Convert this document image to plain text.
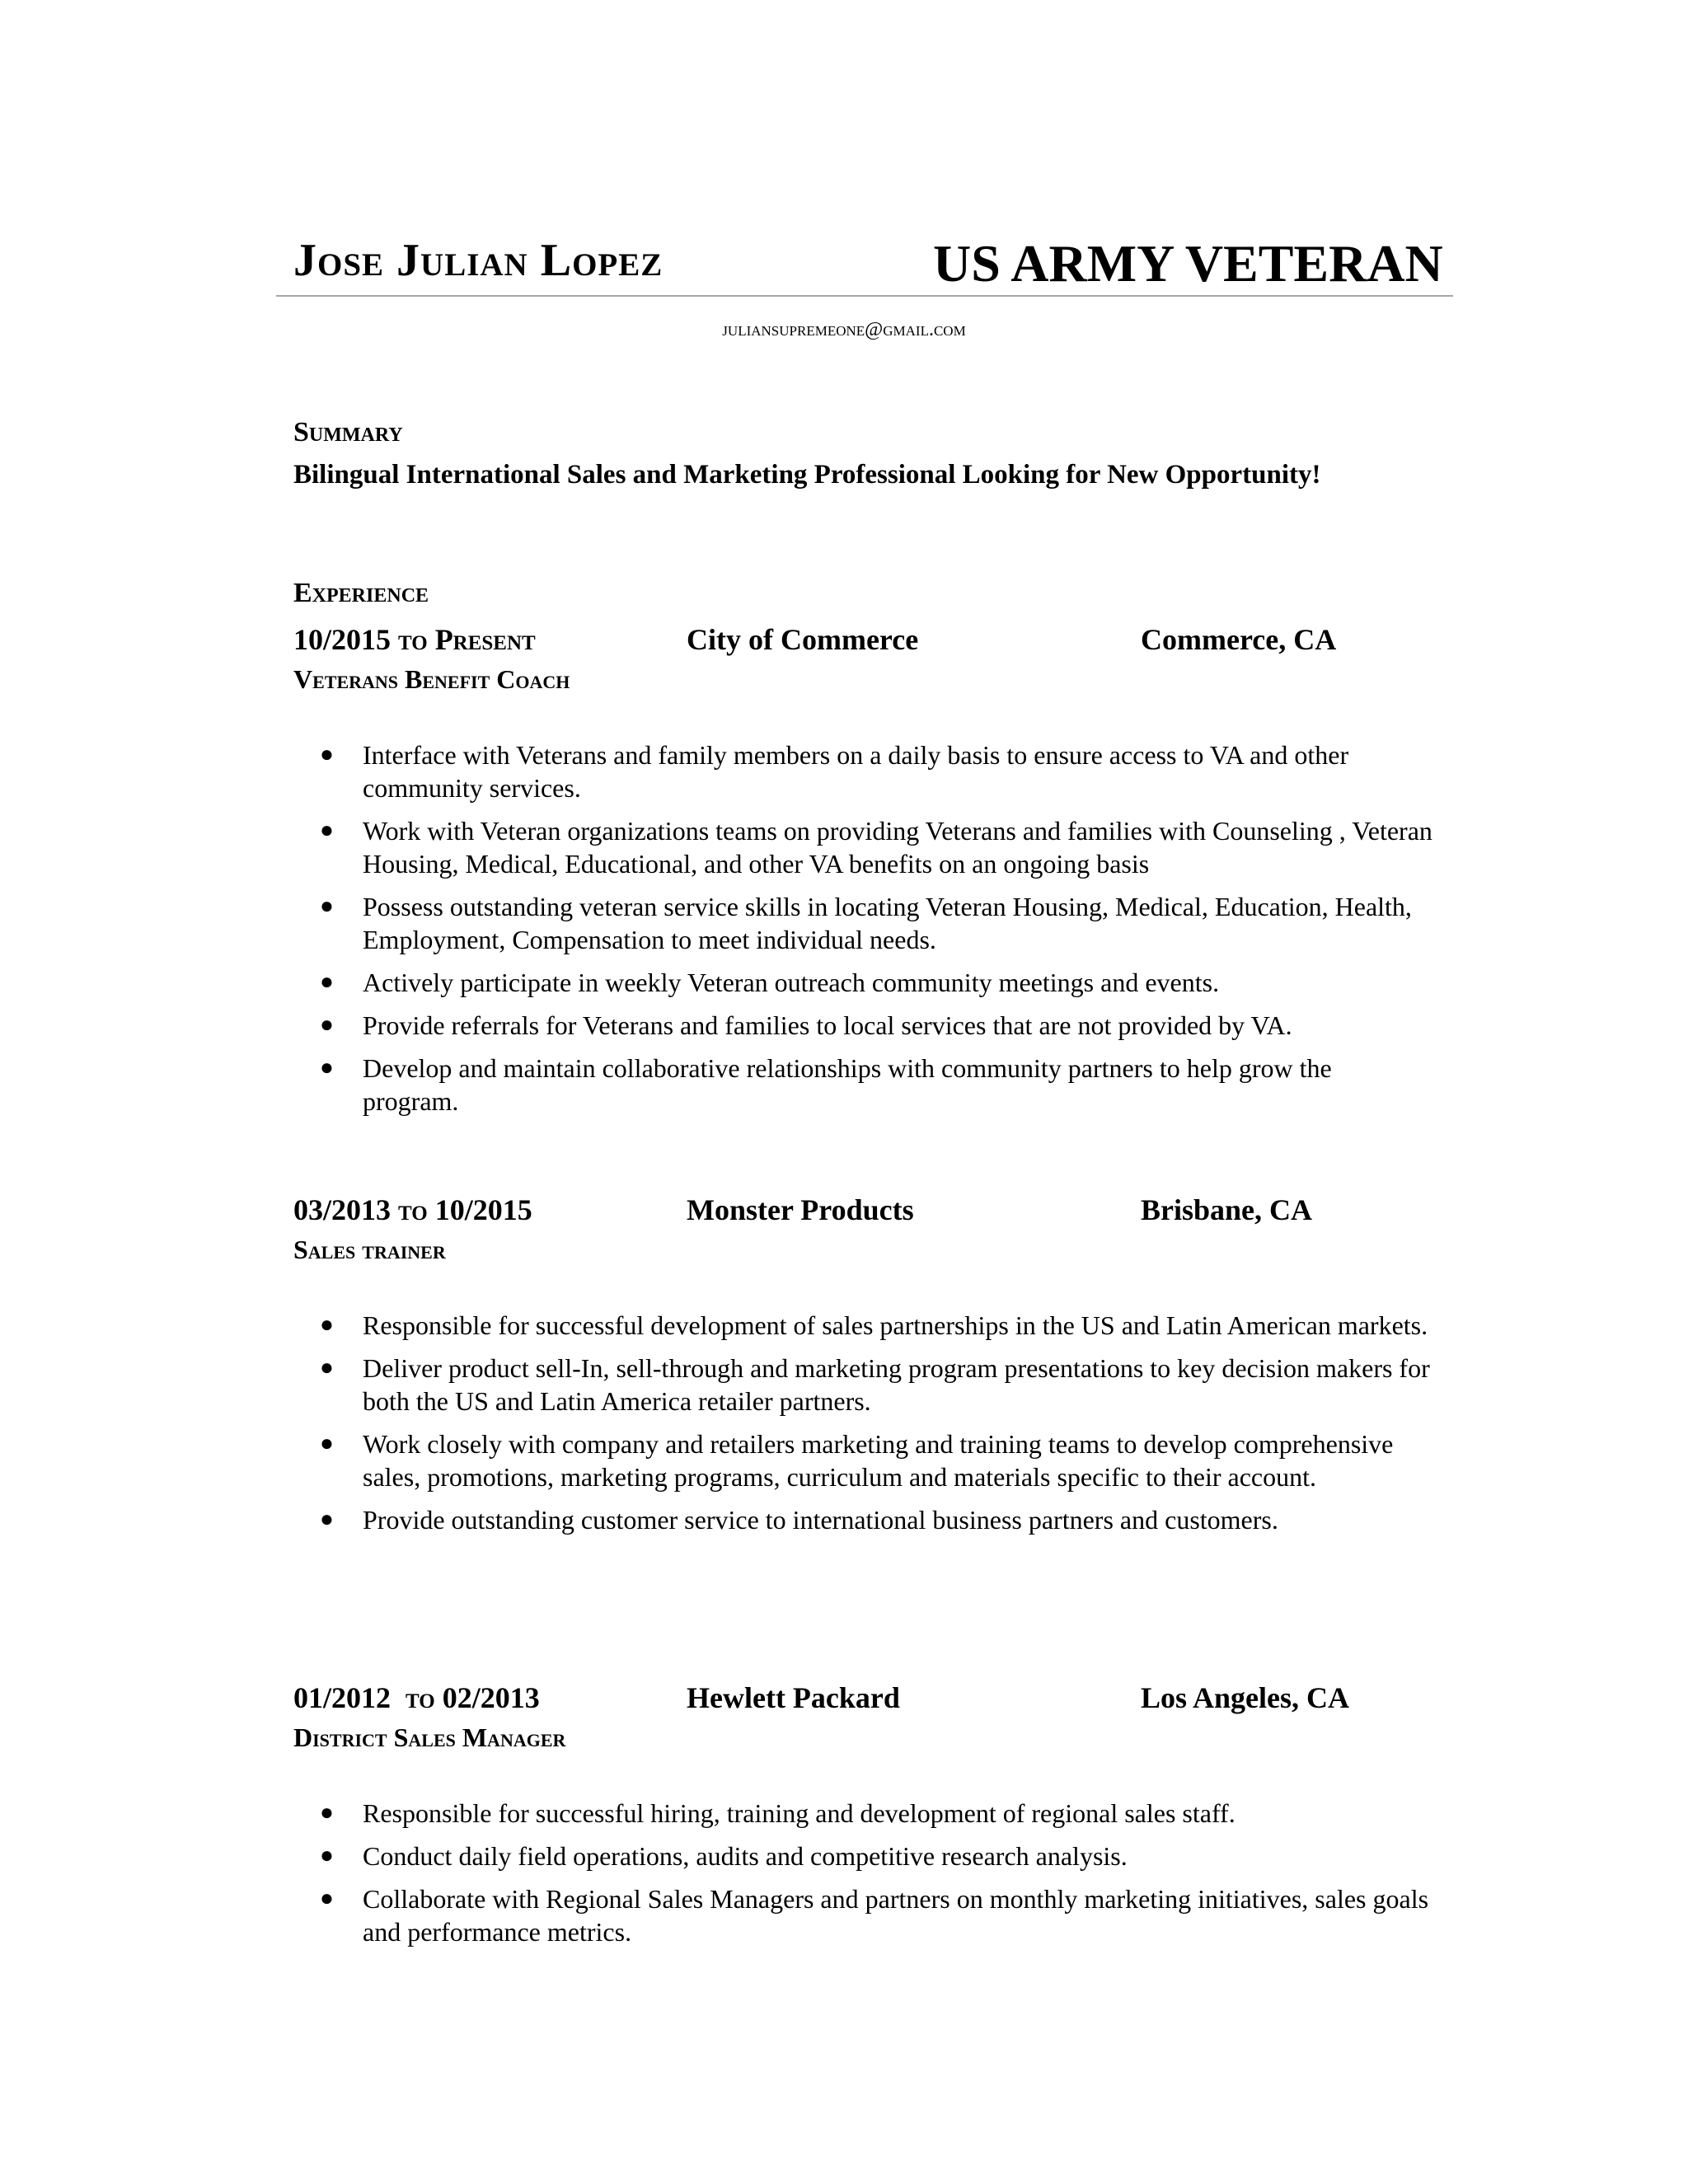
Jose Julian Lopez	US ARMY VETERAN
juliansupremeone@gmail.com
Summary
Bilingual International Sales and Marketing Professional Looking for New Opportunity!
Experience
10/2015 to Present	City of Commerce	Commerce, CA
Veterans Benefit Coach
● Interface with Veterans and family members on a daily basis to ensure access to VA and other community services.
● Work with Veteran organizations teams on providing Veterans and families with Counseling , Veteran Housing, Medical, Educational, and other VA benefits on an ongoing basis
● Possess outstanding veteran service skills in locating Veteran Housing, Medical, Education, Health, Employment, Compensation to meet individual needs.
● Actively participate in weekly Veteran outreach community meetings and events.
● Provide referrals for Veterans and families to local services that are not provided by VA.
● Develop and maintain collaborative relationships with community partners to help grow the program.
03/2013 to 10/2015	Monster Products	Brisbane, CA
Sales trainer
● Responsible for successful development of sales partnerships in the US and Latin American markets.
● Deliver product sell-In, sell-through and marketing program presentations to key decision makers for both the US and Latin America retailer partners.
● Work closely with company and retailers marketing and training teams to develop comprehensive sales, promotions, marketing programs, curriculum and materials specific to their account.
● Provide outstanding customer service to international business partners and customers.
01/2012 to 02/2013	Hewlett Packard	Los Angeles, CA
District Sales Manager
● Responsible for successful hiring, training and development of regional sales staff.
● Conduct daily field operations, audits and competitive research analysis.
● Collaborate with Regional Sales Managers and partners on monthly marketing initiatives, sales goals and performance metrics.
